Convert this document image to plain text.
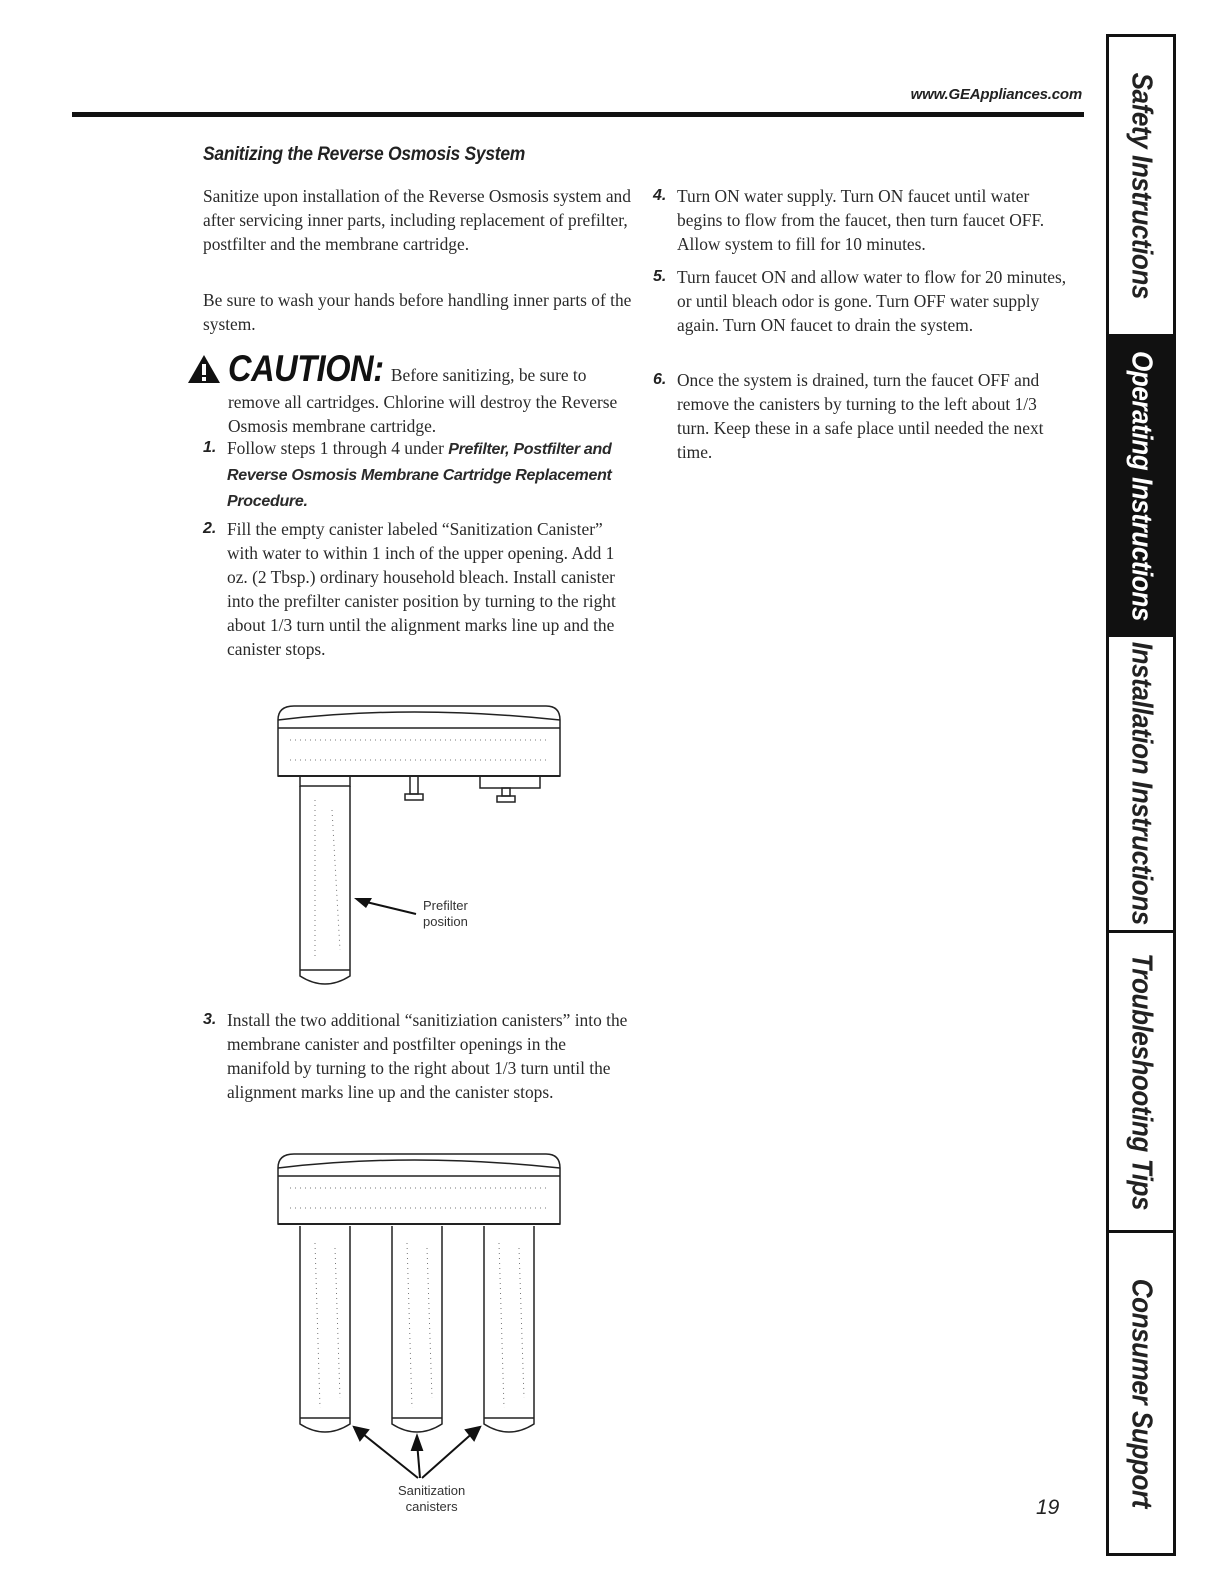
www.GEAppliances.com
Sanitizing the Reverse Osmosis System

Sanitize upon installation of the Reverse Osmosis system and after servicing inner parts, including replacement of prefilter, postfilter and the membrane cartridge.

Be sure to wash your hands before handling inner parts of the system.

CAUTION: Before sanitizing, be sure to
remove all cartridges. Chlorine will destroy the Reverse Osmosis membrane cartridge.
1. Follow steps 1 through 4 under Prefilter, Postfilter and Reverse Osmosis Membrane Cartridge Replacement Procedure.
2. Fill the empty canister labeled “Sanitization Canister” with water to within 1 inch of the upper opening. Add 1 oz. (2 Tbsp.) ordinary household bleach. Install canister into the prefilter canister position by turning to the right about 1/3 turn until the alignment marks line up and the canister stops.
Prefilter
position
3. Install the two additional “sanitiziation canisters” into the membrane canister and postfilter openings in the manifold by turning to the right about 1/3 turn until the alignment marks line up and the canister stops.
Sanitization
canisters
4. Turn ON water supply. Turn ON faucet until water begins to flow from the faucet, then turn faucet OFF. Allow system to fill for 10 minutes.
5. Turn faucet ON and allow water to flow for 20 minutes, or until bleach odor is gone. Turn OFF water supply again. Turn ON faucet to drain the system.
6. Once the system is drained, turn the faucet OFF and remove the canisters by turning to the left about 1/3 turn. Keep these in a safe place until needed the next time.
19
Safety Instructions
Operating Instructions
Installation Instructions
Troubleshooting Tips
Consumer Support
